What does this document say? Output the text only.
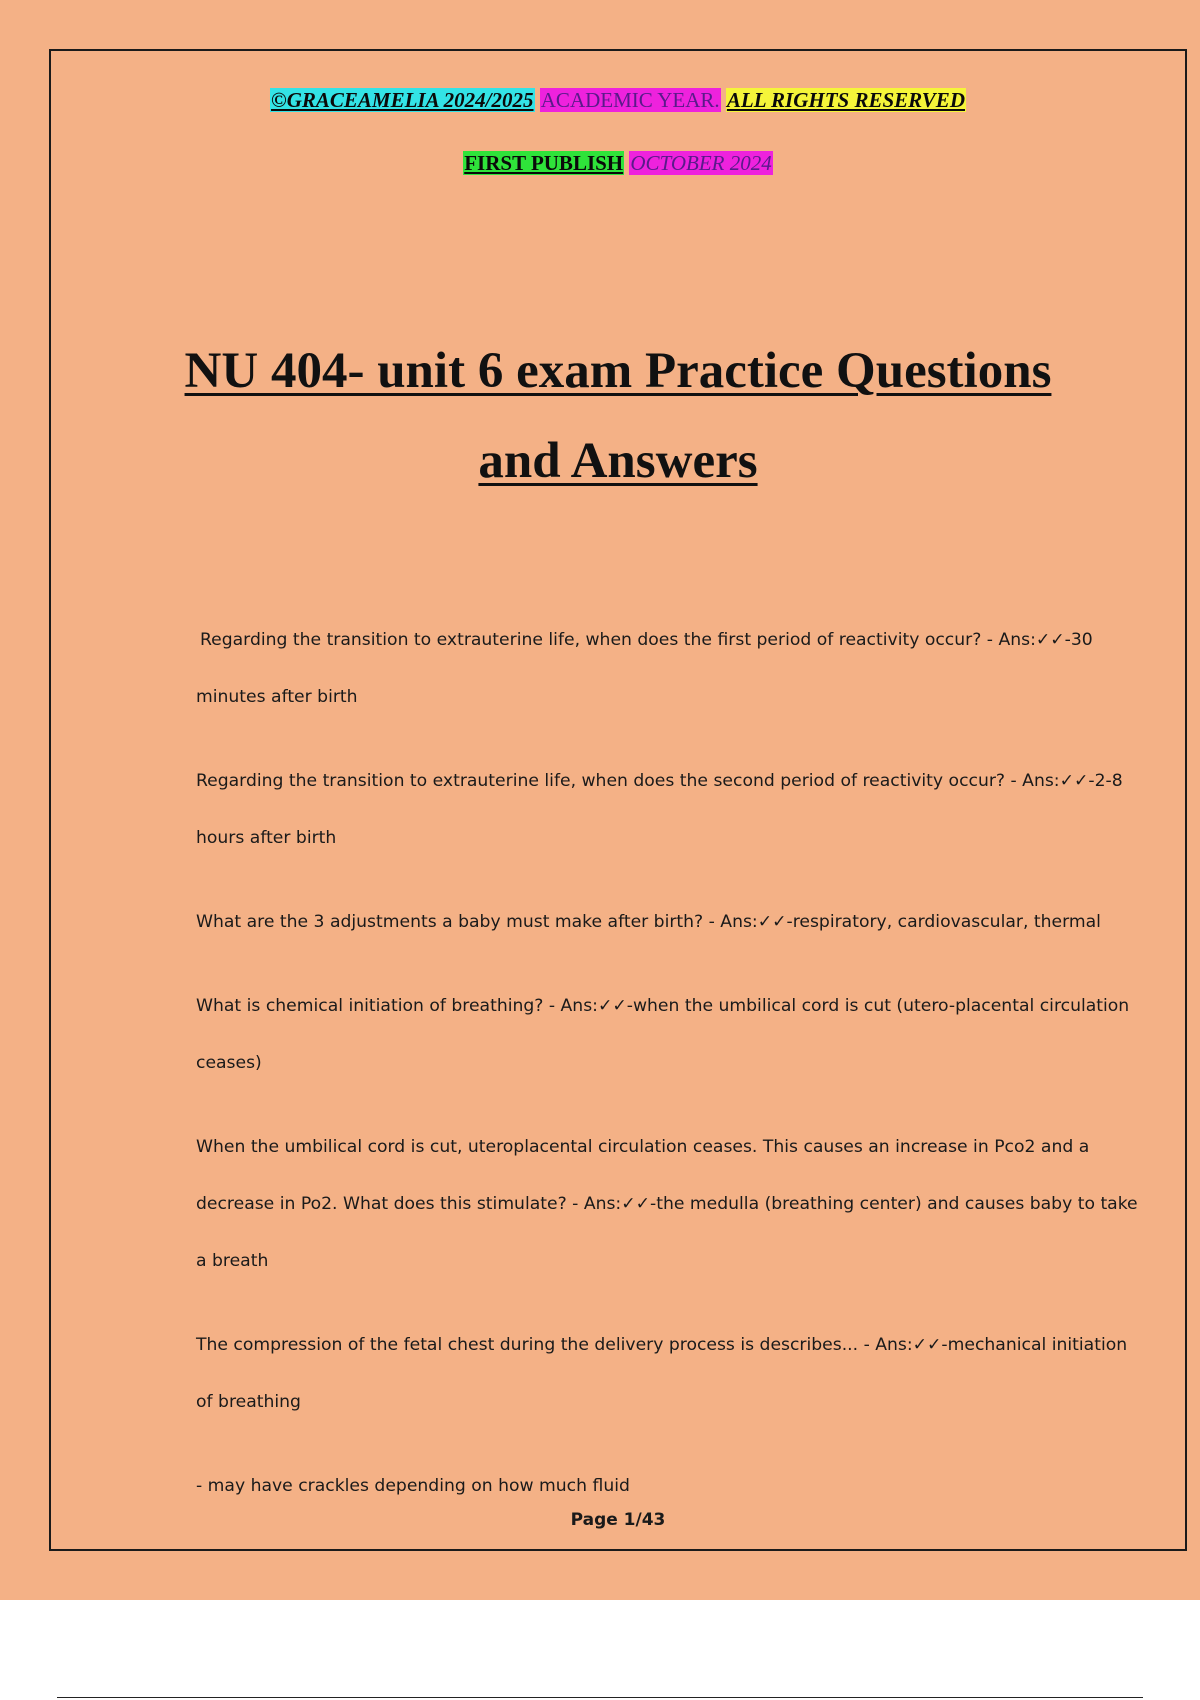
©GRACEAMELIA 2024/2025 ACADEMIC YEAR. ALL RIGHTS RESERVED
FIRST PUBLISH OCTOBER 2024
NU 404- unit 6 exam Practice Questions
and Answers

Regarding the transition to extrauterine life, when does the first period of reactivity occur? - Ans:✓✓-30 minutes after birth

Regarding the transition to extrauterine life, when does the second period of reactivity occur? - Ans:✓✓-2-8 hours after birth

What are the 3 adjustments a baby must make after birth? - Ans:✓✓-respiratory, cardiovascular, thermal

What is chemical initiation of breathing? - Ans:✓✓-when the umbilical cord is cut (utero-placental circulation ceases)

When the umbilical cord is cut, uteroplacental circulation ceases. This causes an increase in Pco2 and a decrease in Po2. What does this stimulate? - Ans:✓✓-the medulla (breathing center) and causes baby to take a breath

The compression of the fetal chest during the delivery process is describes... - Ans:✓✓-mechanical initiation of breathing

- may have crackles depending on how much fluid

Page 1/43
